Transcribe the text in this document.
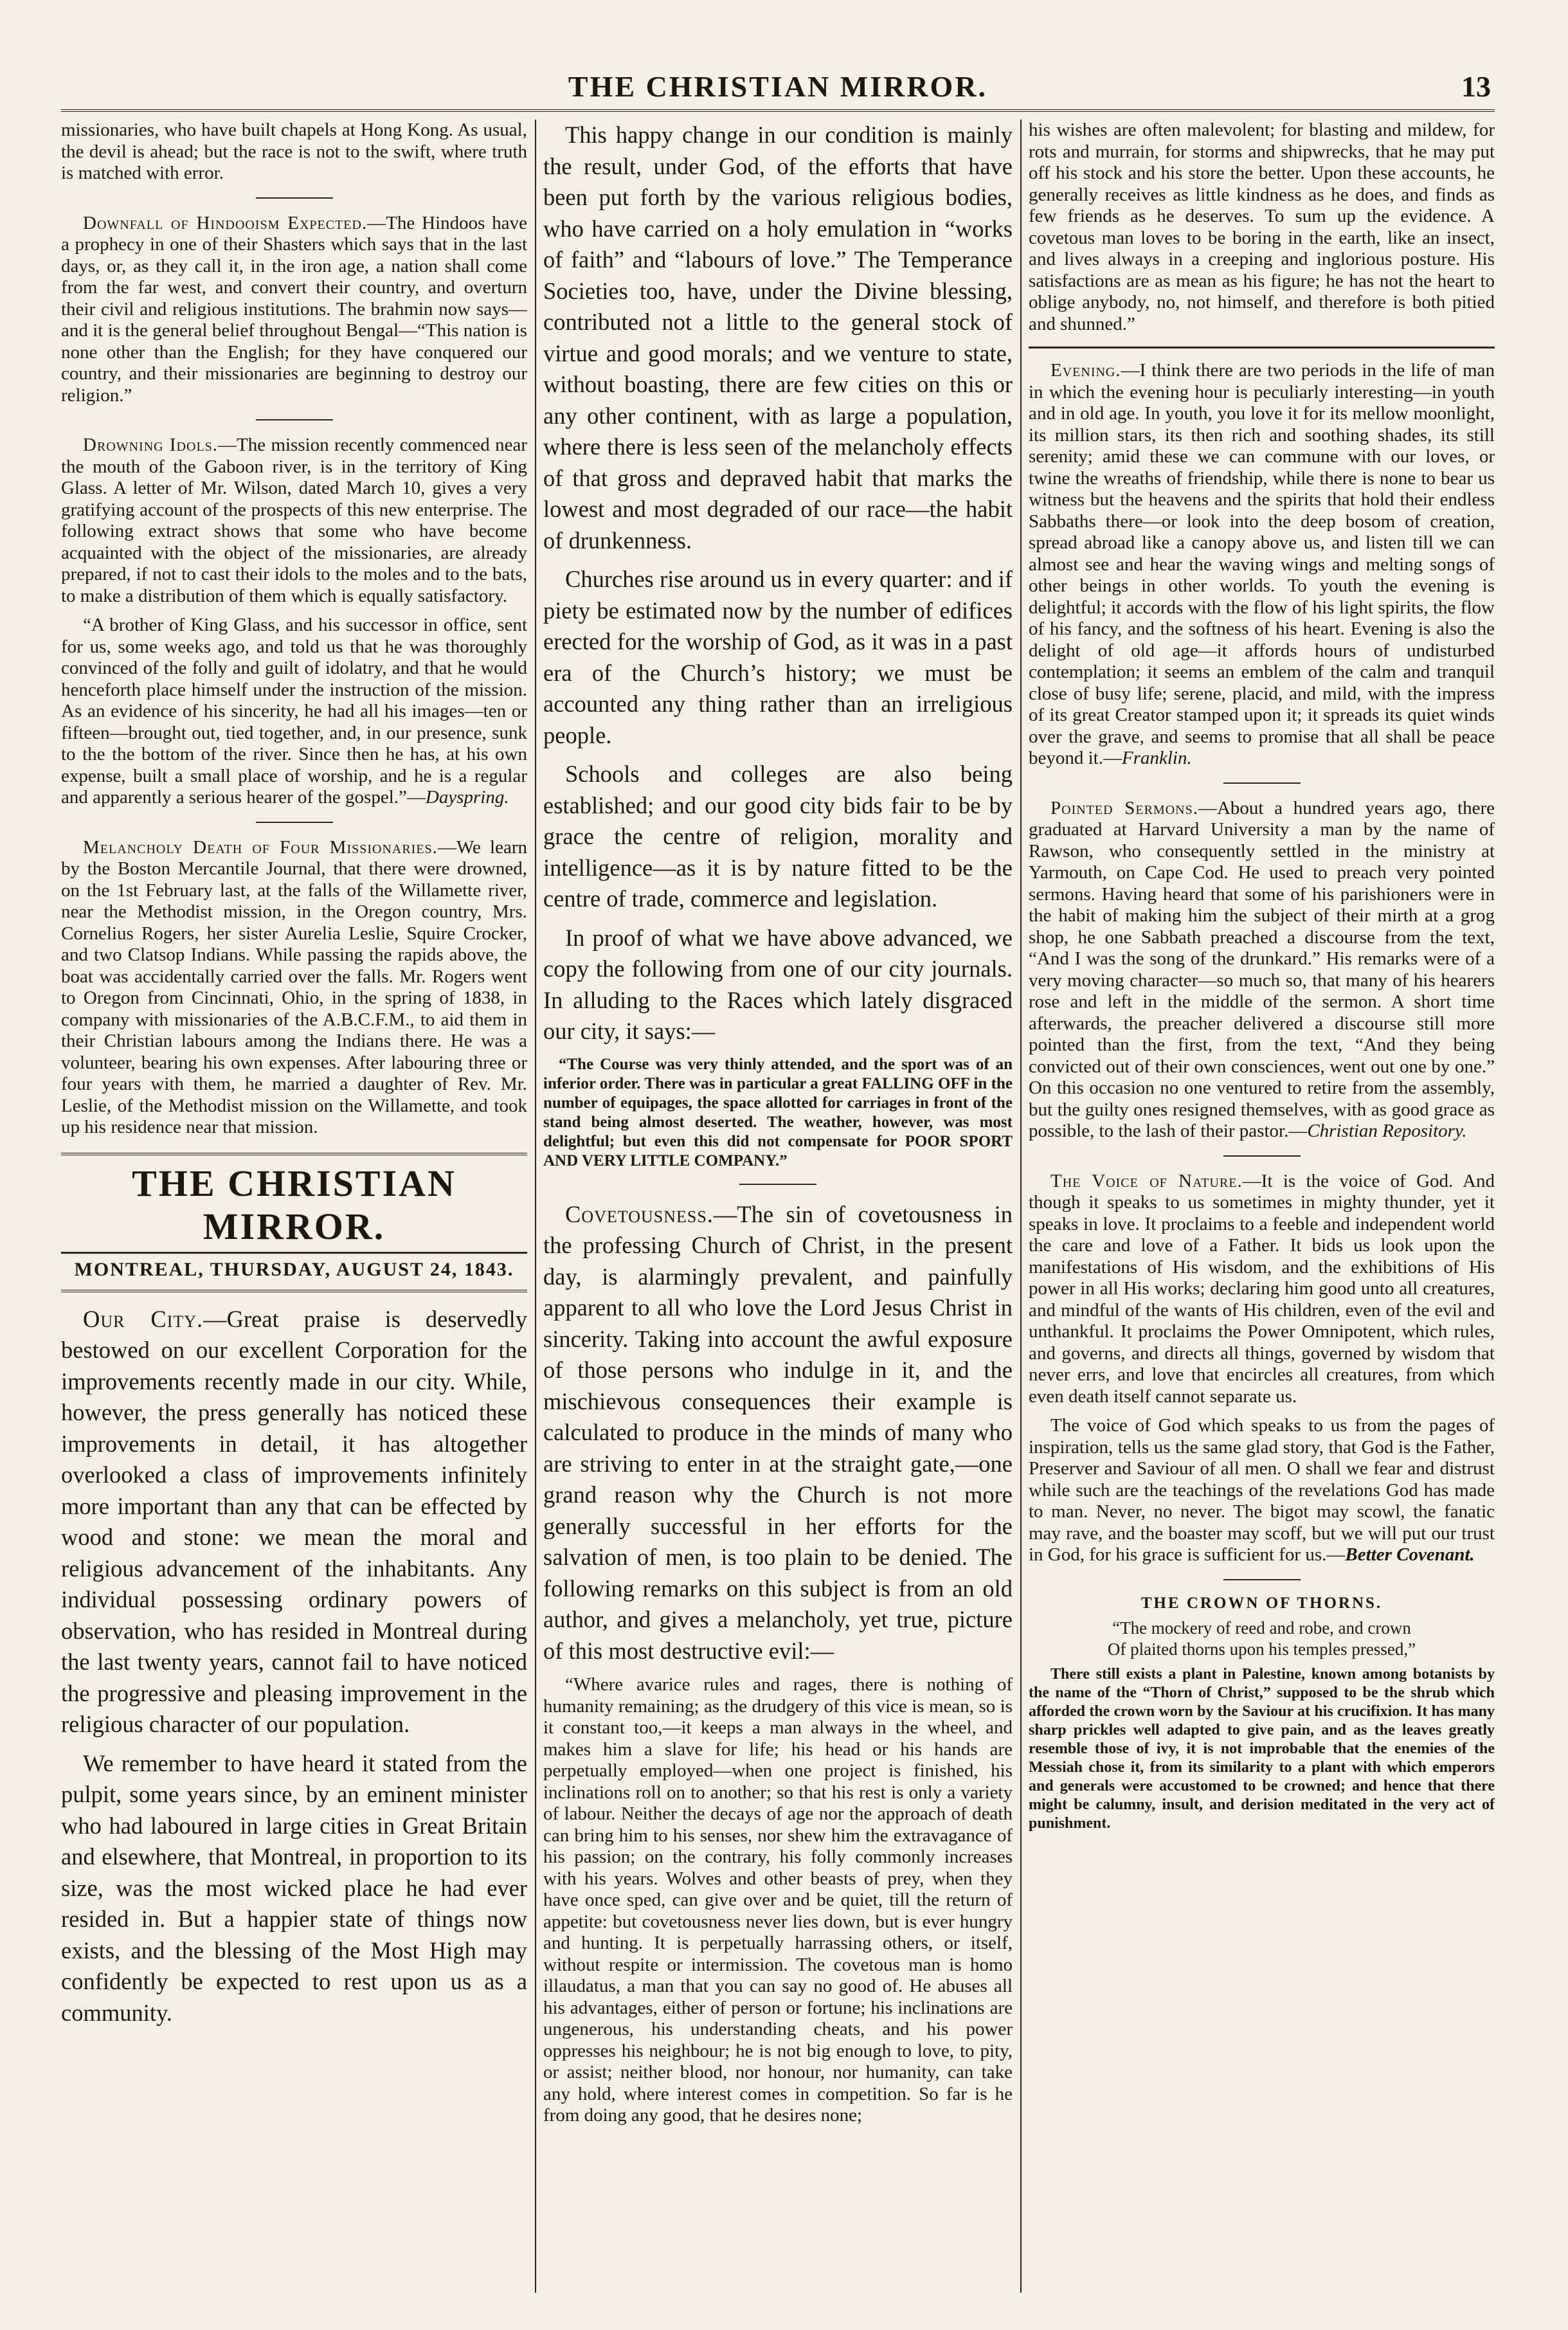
THE CHRISTIAN MIRROR.	13

missionaries, who have built chapels at Hong Kong. As usual, the devil is ahead; but the race is not to the swift, where truth is matched with error.

Downfall of Hindooism Expected.—The Hindoos have a prophecy in one of their Shasters which says that in the last days, or, as they call it, in the iron age, a nation shall come from the far west, and convert their country, and overturn their civil and religious institutions. The brahmin now says—and it is the general belief throughout Bengal—“This nation is none other than the English; for they have conquered our country, and their missionaries are beginning to destroy our religion.”

Drowning Idols.—The mission recently commenced near the mouth of the Gaboon river, is in the territory of King Glass. A letter of Mr. Wilson, dated March 10, gives a very gratifying account of the prospects of this new enterprise. The following extract shows that some who have become acquainted with the object of the missionaries, are already prepared, if not to cast their idols to the moles and to the bats, to make a distribution of them which is equally satisfactory.

“A brother of King Glass, and his successor in office, sent for us, some weeks ago, and told us that he was thoroughly convinced of the folly and guilt of idolatry, and that he would henceforth place himself under the instruction of the mission. As an evidence of his sincerity, he had all his images—ten or fifteen—brought out, tied together, and, in our presence, sunk to the the bottom of the river. Since then he has, at his own expense, built a small place of worship, and he is a regular and apparently a serious hearer of the gospel.”—Dayspring.

Melancholy Death of Four Missionaries.—We learn by the Boston Mercantile Journal, that there were drowned, on the 1st February last, at the falls of the Willamette river, near the Methodist mission, in the Oregon country, Mrs. Cornelius Rogers, her sister Aurelia Leslie, Squire Crocker, and two Clatsop Indians. While passing the rapids above, the boat was accidentally carried over the falls. Mr. Rogers went to Oregon from Cincinnati, Ohio, in the spring of 1838, in company with missionaries of the A.B.C.F.M., to aid them in their Christian labours among the Indians there. He was a volunteer, bearing his own expenses. After labouring three or four years with them, he married a daughter of Rev. Mr. Leslie, of the Methodist mission on the Willamette, and took up his residence near that mission.

THE CHRISTIAN MIRROR.
MONTREAL, THURSDAY, AUGUST 24, 1843.

Our City.—Great praise is deservedly bestowed on our excellent Corporation for the improvements recently made in our city. While, however, the press generally has noticed these improvements in detail, it has altogether overlooked a class of improvements infinitely more important than any that can be effected by wood and stone: we mean the moral and religious advancement of the inhabitants. Any individual possessing ordinary powers of observation, who has resided in Montreal during the last twenty years, cannot fail to have noticed the progressive and pleasing improvement in the religious character of our population.

We remember to have heard it stated from the pulpit, some years since, by an eminent minister who had laboured in large cities in Great Britain and elsewhere, that Montreal, in proportion to its size, was the most wicked place he had ever resided in. But a happier state of things now exists, and the blessing of the Most High may confidently be expected to rest upon us as a community.

This happy change in our condition is mainly the result, under God, of the efforts that have been put forth by the various religious bodies, who have carried on a holy emulation in “works of faith” and “labours of love.” The Temperance Societies too, have, under the Divine blessing, contributed not a little to the general stock of virtue and good morals; and we venture to state, without boasting, there are few cities on this or any other continent, with as large a population, where there is less seen of the melancholy effects of that gross and depraved habit that marks the lowest and most degraded of our race—the habit of drunkenness.

Churches rise around us in every quarter: and if piety be estimated now by the number of edifices erected for the worship of God, as it was in a past era of the Church’s history; we must be accounted any thing rather than an irreligious people.

Schools and colleges are also being established; and our good city bids fair to be by grace the centre of religion, morality and intelligence—as it is by nature fitted to be the centre of trade, commerce and legislation.

In proof of what we have above advanced, we copy the following from one of our city journals. In alluding to the Races which lately disgraced our city, it says:—

“The Course was very thinly attended, and the sport was of an inferior order. There was in particular a great FALLING OFF in the number of equipages, the space allotted for carriages in front of the stand being almost deserted. The weather, however, was most delightful; but even this did not compensate for POOR SPORT AND VERY LITTLE COMPANY.”

Covetousness.—The sin of covetousness in the professing Church of Christ, in the present day, is alarmingly prevalent, and painfully apparent to all who love the Lord Jesus Christ in sincerity. Taking into account the awful exposure of those persons who indulge in it, and the mischievous consequences their example is calculated to produce in the minds of many who are striving to enter in at the straight gate,—one grand reason why the Church is not more generally successful in her efforts for the salvation of men, is too plain to be denied. The following remarks on this subject is from an old author, and gives a melancholy, yet true, picture of this most destructive evil:—

“Where avarice rules and rages, there is nothing of humanity remaining; as the drudgery of this vice is mean, so is it constant too,—it keeps a man always in the wheel, and makes him a slave for life; his head or his hands are perpetually employed—when one project is finished, his inclinations roll on to another; so that his rest is only a variety of labour. Neither the decays of age nor the approach of death can bring him to his senses, nor shew him the extravagance of his passion; on the contrary, his folly commonly increases with his years. Wolves and other beasts of prey, when they have once sped, can give over and be quiet, till the return of appetite: but covetousness never lies down, but is ever hungry and hunting. It is perpetually harrassing others, or itself, without respite or intermission. The covetous man is homo illaudatus, a man that you can say no good of. He abuses all his advantages, either of person or fortune; his inclinations are ungenerous, his understanding cheats, and his power oppresses his neighbour; he is not big enough to love, to pity, or assist; neither blood, nor honour, nor humanity, can take any hold, where interest comes in competition. So far is he from doing any good, that he desires none;

his wishes are often malevolent; for blasting and mildew, for rots and murrain, for storms and shipwrecks, that he may put off his stock and his store the better. Upon these accounts, he generally receives as little kindness as he does, and finds as few friends as he deserves. To sum up the evidence. A covetous man loves to be boring in the earth, like an insect, and lives always in a creeping and inglorious posture. His satisfactions are as mean as his figure; he has not the heart to oblige anybody, no, not himself, and therefore is both pitied and shunned.”

Evening.—I think there are two periods in the life of man in which the evening hour is peculiarly interesting—in youth and in old age. In youth, you love it for its mellow moonlight, its million stars, its then rich and soothing shades, its still serenity; amid these we can commune with our loves, or twine the wreaths of friendship, while there is none to bear us witness but the heavens and the spirits that hold their endless Sabbaths there—or look into the deep bosom of creation, spread abroad like a canopy above us, and listen till we can almost see and hear the waving wings and melting songs of other beings in other worlds. To youth the evening is delightful; it accords with the flow of his light spirits, the flow of his fancy, and the softness of his heart. Evening is also the delight of old age—it affords hours of undisturbed contemplation; it seems an emblem of the calm and tranquil close of busy life; serene, placid, and mild, with the impress of its great Creator stamped upon it; it spreads its quiet winds over the grave, and seems to promise that all shall be peace beyond it.—Franklin.

Pointed Sermons.—About a hundred years ago, there graduated at Harvard University a man by the name of Rawson, who consequently settled in the ministry at Yarmouth, on Cape Cod. He used to preach very pointed sermons. Having heard that some of his parishioners were in the habit of making him the subject of their mirth at a grog shop, he one Sabbath preached a discourse from the text, “And I was the song of the drunkard.” His remarks were of a very moving character—so much so, that many of his hearers rose and left in the middle of the sermon. A short time afterwards, the preacher delivered a discourse still more pointed than the first, from the text, “And they being convicted out of their own consciences, went out one by one.” On this occasion no one ventured to retire from the assembly, but the guilty ones resigned themselves, with as good grace as possible, to the lash of their pastor.—Christian Repository.

The Voice of Nature.—It is the voice of God. And though it speaks to us sometimes in mighty thunder, yet it speaks in love. It proclaims to a feeble and independent world the care and love of a Father. It bids us look upon the manifestations of His wisdom, and the exhibitions of His power in all His works; declaring him good unto all creatures, and mindful of the wants of His children, even of the evil and unthankful. It proclaims the Power Omnipotent, which rules, and governs, and directs all things, governed by wisdom that never errs, and love that encircles all creatures, from which even death itself cannot separate us.

The voice of God which speaks to us from the pages of inspiration, tells us the same glad story, that God is the Father, Preserver and Saviour of all men. O shall we fear and distrust while such are the teachings of the revelations God has made to man. Never, no never. The bigot may scowl, the fanatic may rave, and the boaster may scoff, but we will put our trust in God, for his grace is sufficient for us.—Better Covenant.

THE CROWN OF THORNS.

“The mockery of reed and robe, and crown

Of plaited thorns upon his temples pressed,”

There still exists a plant in Palestine, known among botanists by the name of the “Thorn of Christ,” supposed to be the shrub which afforded the crown worn by the Saviour at his crucifixion. It has many sharp prickles well adapted to give pain, and as the leaves greatly resemble those of ivy, it is not improbable that the enemies of the Messiah chose it, from its similarity to a plant with which emperors and generals were accustomed to be crowned; and hence that there might be calumny, insult, and derision meditated in the very act of punishment.
